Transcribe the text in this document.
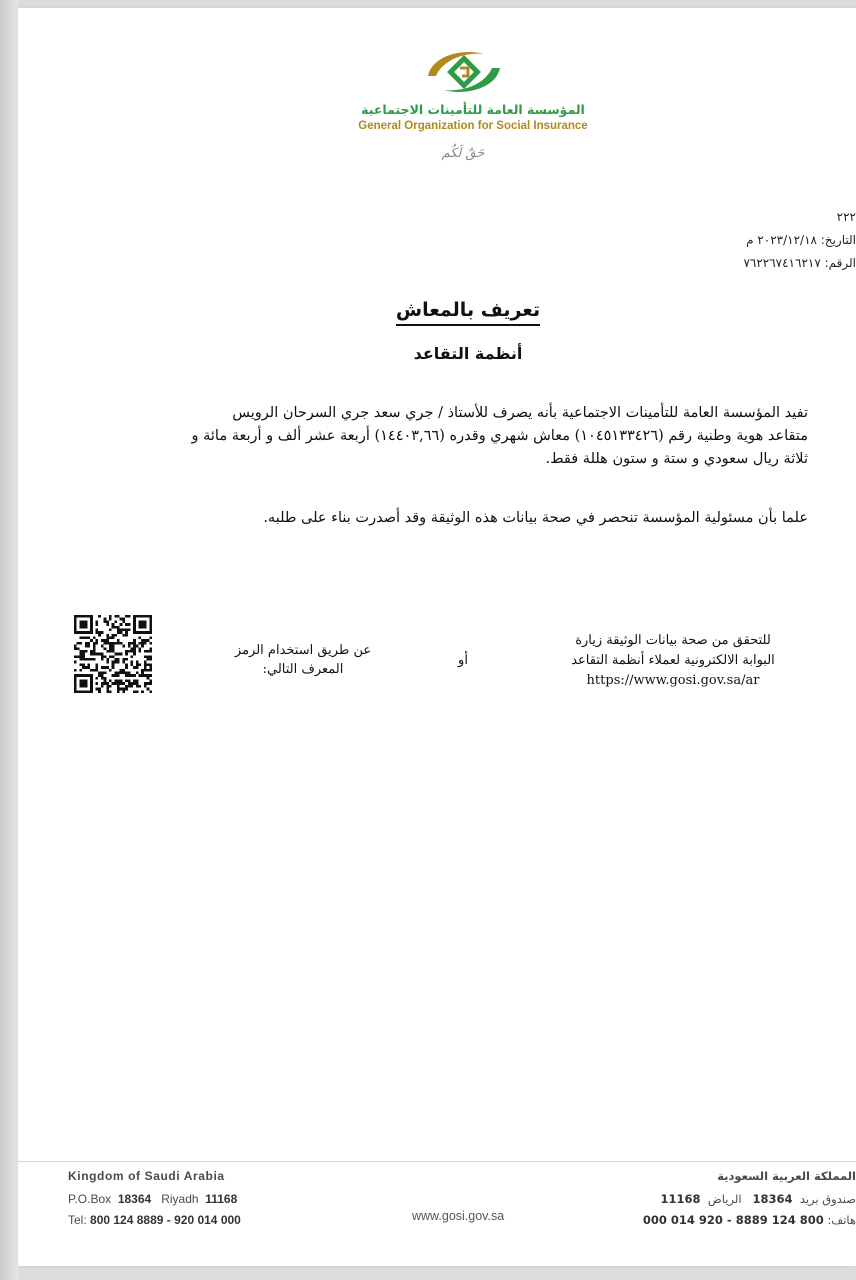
المؤسسة العامة للتأمينات الاجتماعية
General Organization for Social Insurance
حَقٌ لَكُم
٢٢٢
التاريخ: ٢٠٢٣/١٢/١٨ م
الرقم: ٧٦٢٢٦٧٤١٦٢١٧
تعريف بالمعاش
أنظمة التقاعد
تفيد المؤسسة العامة للتأمينات الاجتماعية بأنه يصرف للأستاذ / جري سعد جري السرحان الرويس
متقاعد هوية وطنية رقم (١٠٤٥١٣٣٤٢٦) معاش شهري وقدره (١٤٤٠٣,٦٦) أربعة عشر ألف و أربعة مائة و
ثلاثة ريال سعودي و ستة و ستون هللة فقط.
علما بأن مسئولية المؤسسة تنحصر في صحة بيانات هذه الوثيقة وقد أصدرت بناء على طلبه.
للتحقق من صحة بيانات الوثيقة زيارة
البوابة الالكترونية لعملاء أنظمة التقاعد
https://www.gosi.gov.sa/ar
أو
عن طريق استخدام الرمز
المعرف التالي:
Kingdom of Saudi Arabia
P.O.Box 18364 Riyadh 11168
Tel: 800 124 8889 - 920 014 000	www.gosi.gov.sa
المملكة العربية السعودية
صندوق بريد  18364   الرياض  11168
هاتف: 800 124 8889 - 920 014 000
